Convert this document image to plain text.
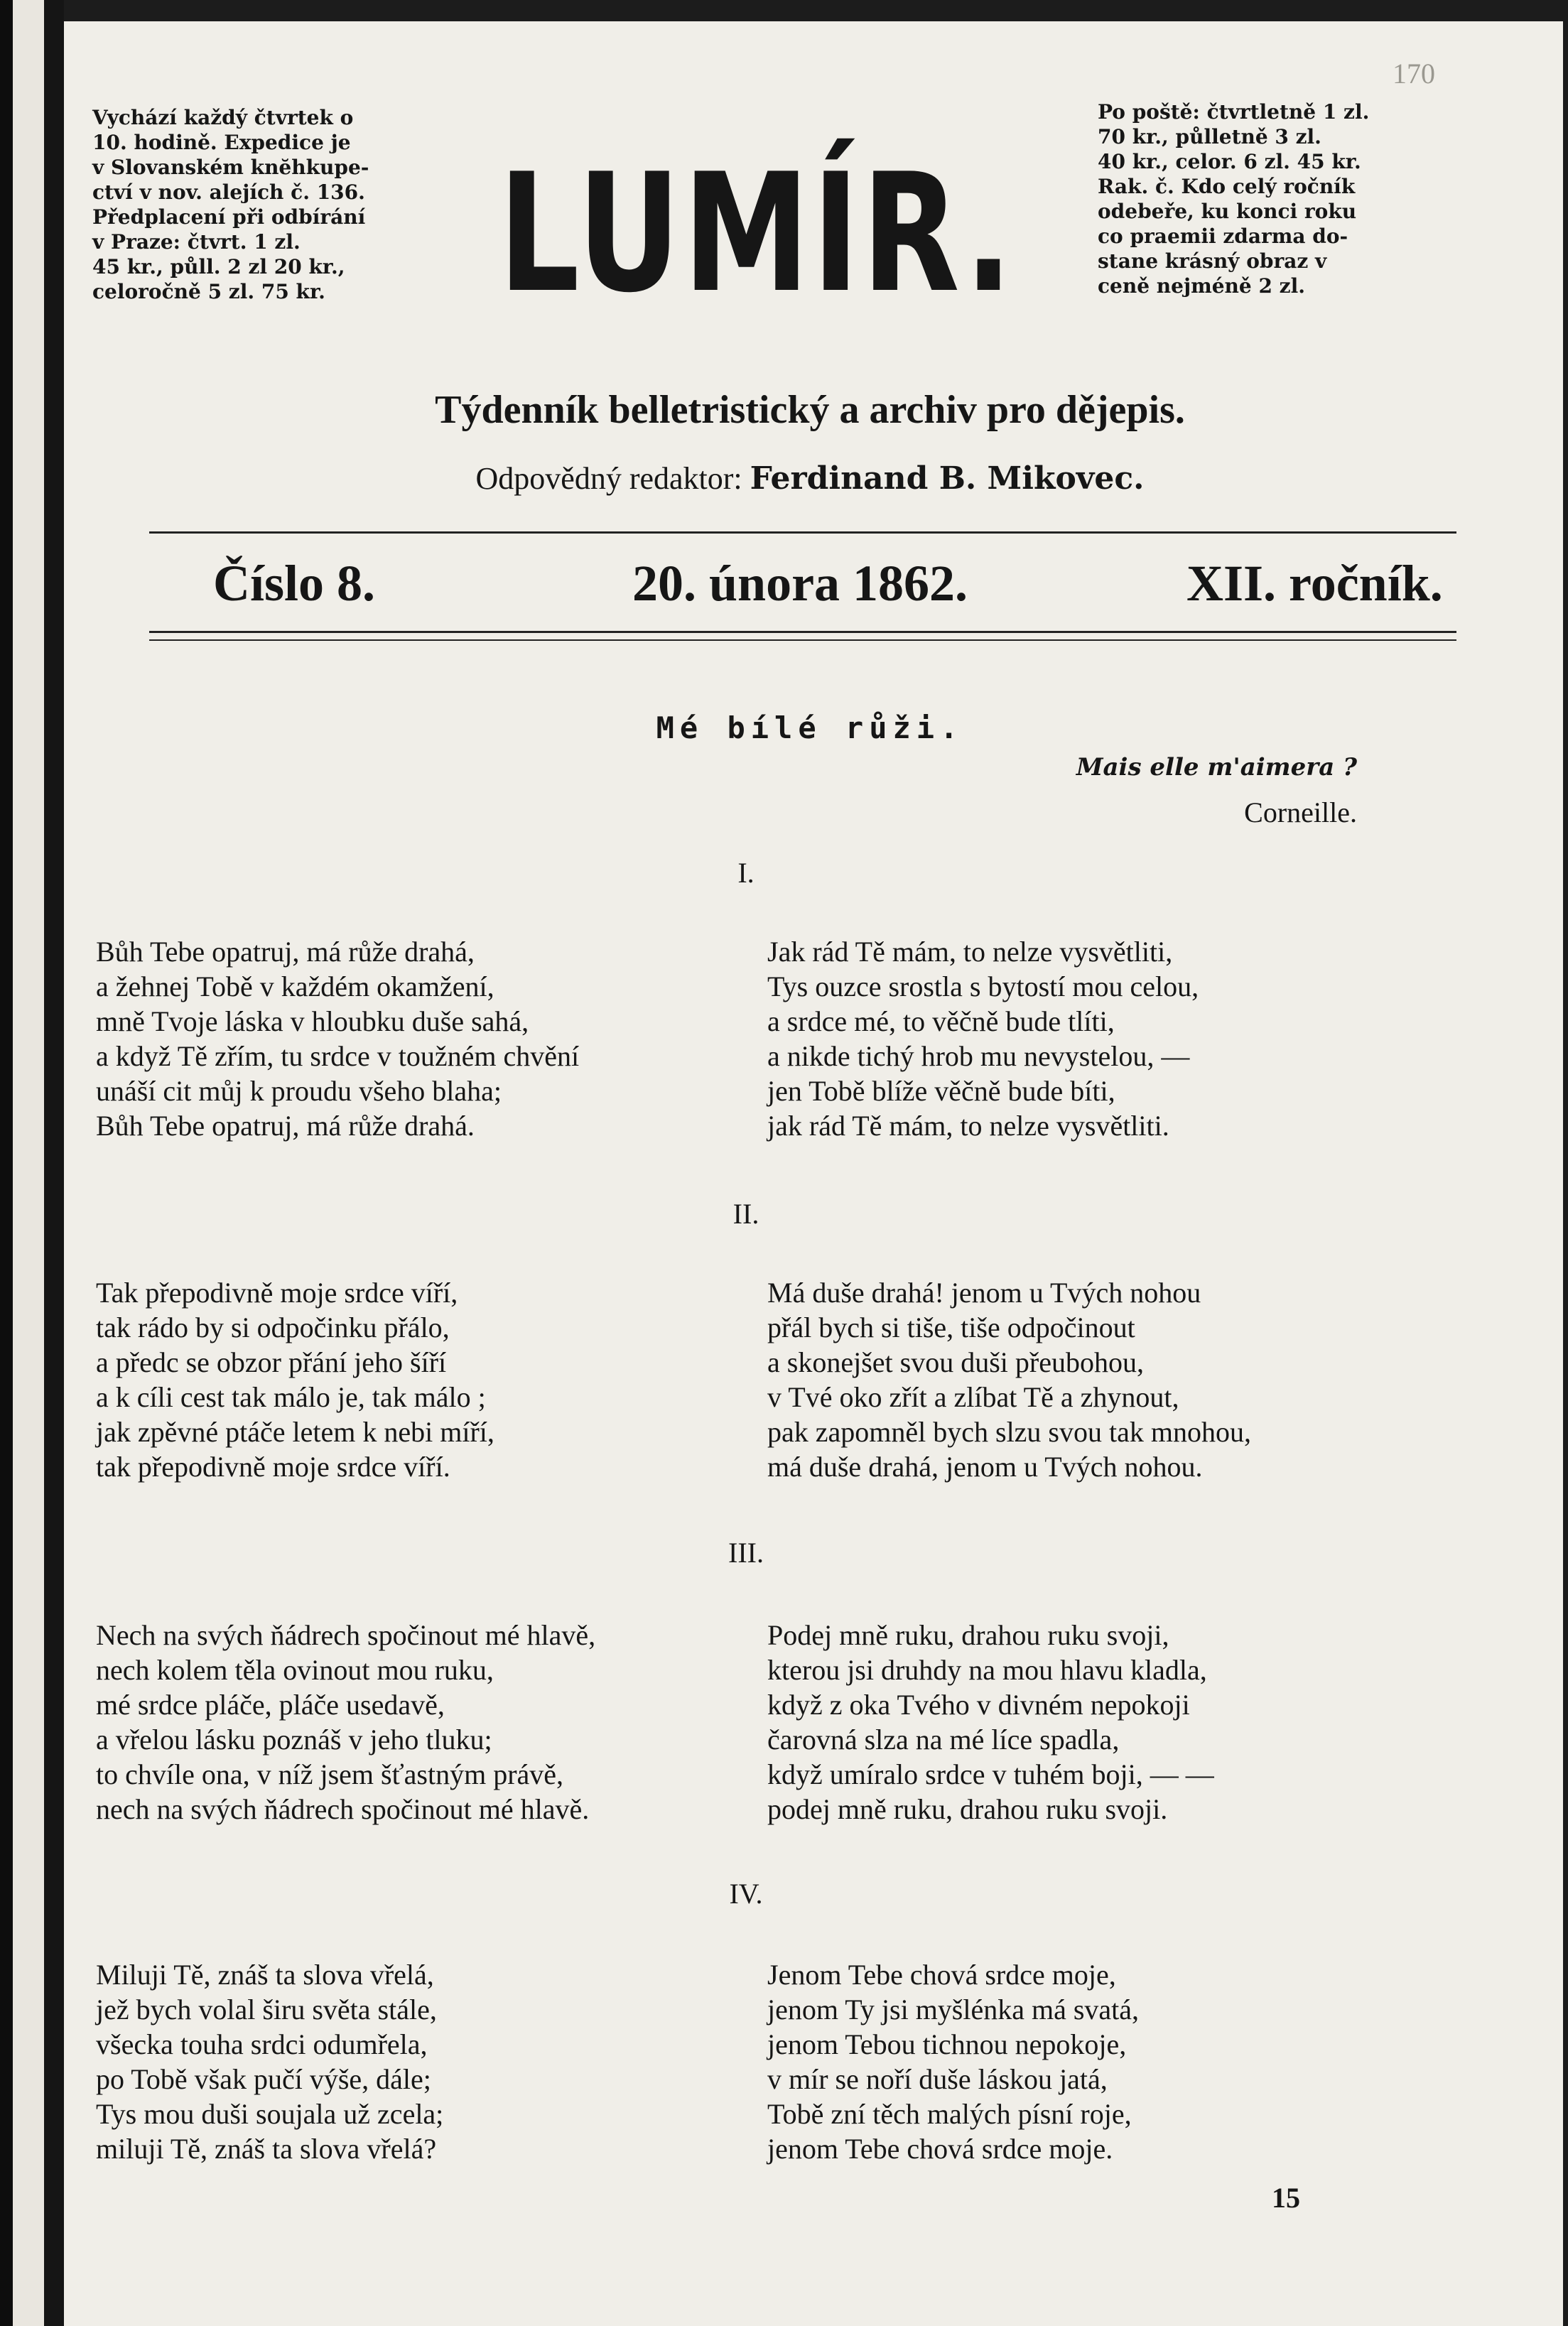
170
Vychází každý čtvrtek o
10. hodině. Expedice je
v Slovanském knĕhkupe-
ctví v nov. alejích č. 136.
Předplacení při odbírání
v Praze: čtvrt. 1 zl.
45 kr., půll. 2 zl 20 kr.,
celoročně 5 zl. 75 kr. LUMÍR.
Po poště: čtvrtletně 1 zl.
70 kr., půlletně 3 zl.
40 kr., celor. 6 zl. 45 kr.
Rak. č. Kdo celý ročník
odebeře, ku konci roku
co praemii zdarma do-
stane krásný obraz v
ceně nejméně 2 zl.
Týdenník belletristický a archiv pro dějepis.
Odpovědný redaktor: Ferdinand B. Mikovec.
Číslo 8.	20. února 1862.	XII. ročník.
Mé bílé růži.
Mais elle m'aimera ?
Corneille.
I.
Bůh Tebe opatruj, má růže drahá,
a žehnej Tobě v každém okamžení,
mně Tvoje láska v hloubku duše sahá,
a když Tě zřím, tu srdce v toužném chvění
unáší cit můj k proudu všeho blaha;
Bůh Tebe opatruj, má růže drahá.
Jak rád Tě mám, to nelze vysvětliti,
Tys ouzce srostla s bytostí mou celou,
a srdce mé, to věčně bude tlíti,
a nikde tichý hrob mu nevystelou, —
jen Tobě blíže věčně bude bíti,
jak rád Tě mám, to nelze vysvětliti.
II.
Tak přepodivně moje srdce víří,
tak rádo by si odpočinku přálo,
a předc se obzor přání jeho šíří
a k cíli cest tak málo je, tak málo ;
jak zpěvné ptáče letem k nebi míří,
tak přepodivně moje srdce víří.
Má duše drahá! jenom u Tvých nohou
přál bych si tiše, tiše odpočinout
a skonejšet svou duši přeubohou,
v Tvé oko zřít a zlíbat Tě a zhynout,
pak zapomněl bych slzu svou tak mnohou,
má duše drahá, jenom u Tvých nohou.
III.
Nech na svých ňádrech spočinout mé hlavě,
nech kolem těla ovinout mou ruku,
mé srdce pláče, pláče usedavě,
a vřelou lásku poznáš v jeho tluku;
to chvíle ona, v níž jsem šťastným právě,
nech na svých ňádrech spočinout mé hlavě.
Podej mně ruku, drahou ruku svoji,
kterou jsi druhdy na mou hlavu kladla,
když z oka Tvého v divném nepokoji
čarovná slza na mé líce spadla,
když umíralo srdce v tuhém boji, — —
podej mně ruku, drahou ruku svoji.
IV.
Miluji Tě, znáš ta slova vřelá,
jež bych volal širu světa stále,
všecka touha srdci odumřela,
po Tobě však pučí výše, dále;
Tys mou duši soujala už zcela;
miluji Tě, znáš ta slova vřelá?
Jenom Tebe chová srdce moje,
jenom Ty jsi myšlénka má svatá,
jenom Tebou tichnou nepokoje,
v mír se noří duše láskou jatá,
Tobě zní těch malých písní roje,
jenom Tebe chová srdce moje.
15
